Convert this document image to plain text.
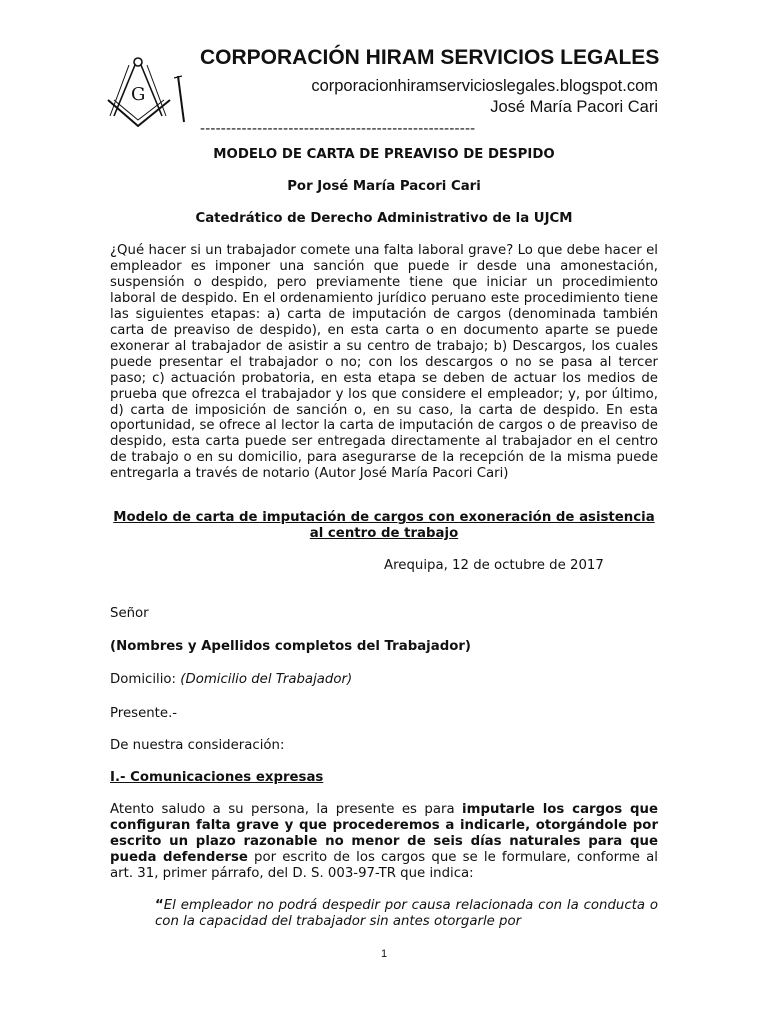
G
CORPORACIÓN HIRAM SERVICIOS LEGALES
corporacionhiramservicioslegales.blogspot.com
José María Pacori Cari
-----------------------------------------------------
MODELO DE CARTA DE PREAVISO DE DESPIDO
Por José María Pacori Cari
Catedrático de Derecho Administrativo de la UJCM
¿Qué hacer si un trabajador comete una falta laboral grave? Lo que debe hacer el empleador es imponer una sanción que puede ir desde una amonestación, suspensión o despido, pero previamente tiene que iniciar un procedimiento laboral de despido. En el ordenamiento jurídico peruano este procedimiento tiene las siguientes etapas: a) carta de imputación de cargos (denominada también carta de preaviso de despido), en esta carta o en documento aparte se puede exonerar al trabajador de asistir a su centro de trabajo; b) Descargos, los cuales puede presentar el trabajador o no; con los descargos o no se pasa al tercer paso; c) actuación probatoria, en esta etapa se deben de actuar los medios de prueba que ofrezca el trabajador y los que considere el empleador; y, por último, d) carta de imposición de sanción o, en su caso, la carta de despido. En esta oportunidad, se ofrece al lector la carta de imputación de cargos o de preaviso de despido, esta carta puede ser entregada directamente al trabajador en el centro de trabajo o en su domicilio, para asegurarse de la recepción de la misma puede entregarla a través de notario (Autor José María Pacori Cari)
Modelo de carta de imputación de cargos con exoneración de asistencia al centro de trabajo
Arequipa, 12 de octubre de 2017
Señor
(Nombres y Apellidos completos del Trabajador)
Domicilio: (Domicilio del Trabajador)
Presente.-
De nuestra consideración:
I.- Comunicaciones expresas
Atento saludo a su persona, la presente es para imputarle los cargos que configuran falta grave y que procederemos a indicarle, otorgándole por escrito un plazo razonable no menor de seis días naturales para que pueda defenderse por escrito de los cargos que se le formulare, conforme al art. 31, primer párrafo, del D. S. 003-97-TR que indica:
“El empleador no podrá despedir por causa relacionada con la conducta o con la capacidad del trabajador sin antes otorgarle por
1
